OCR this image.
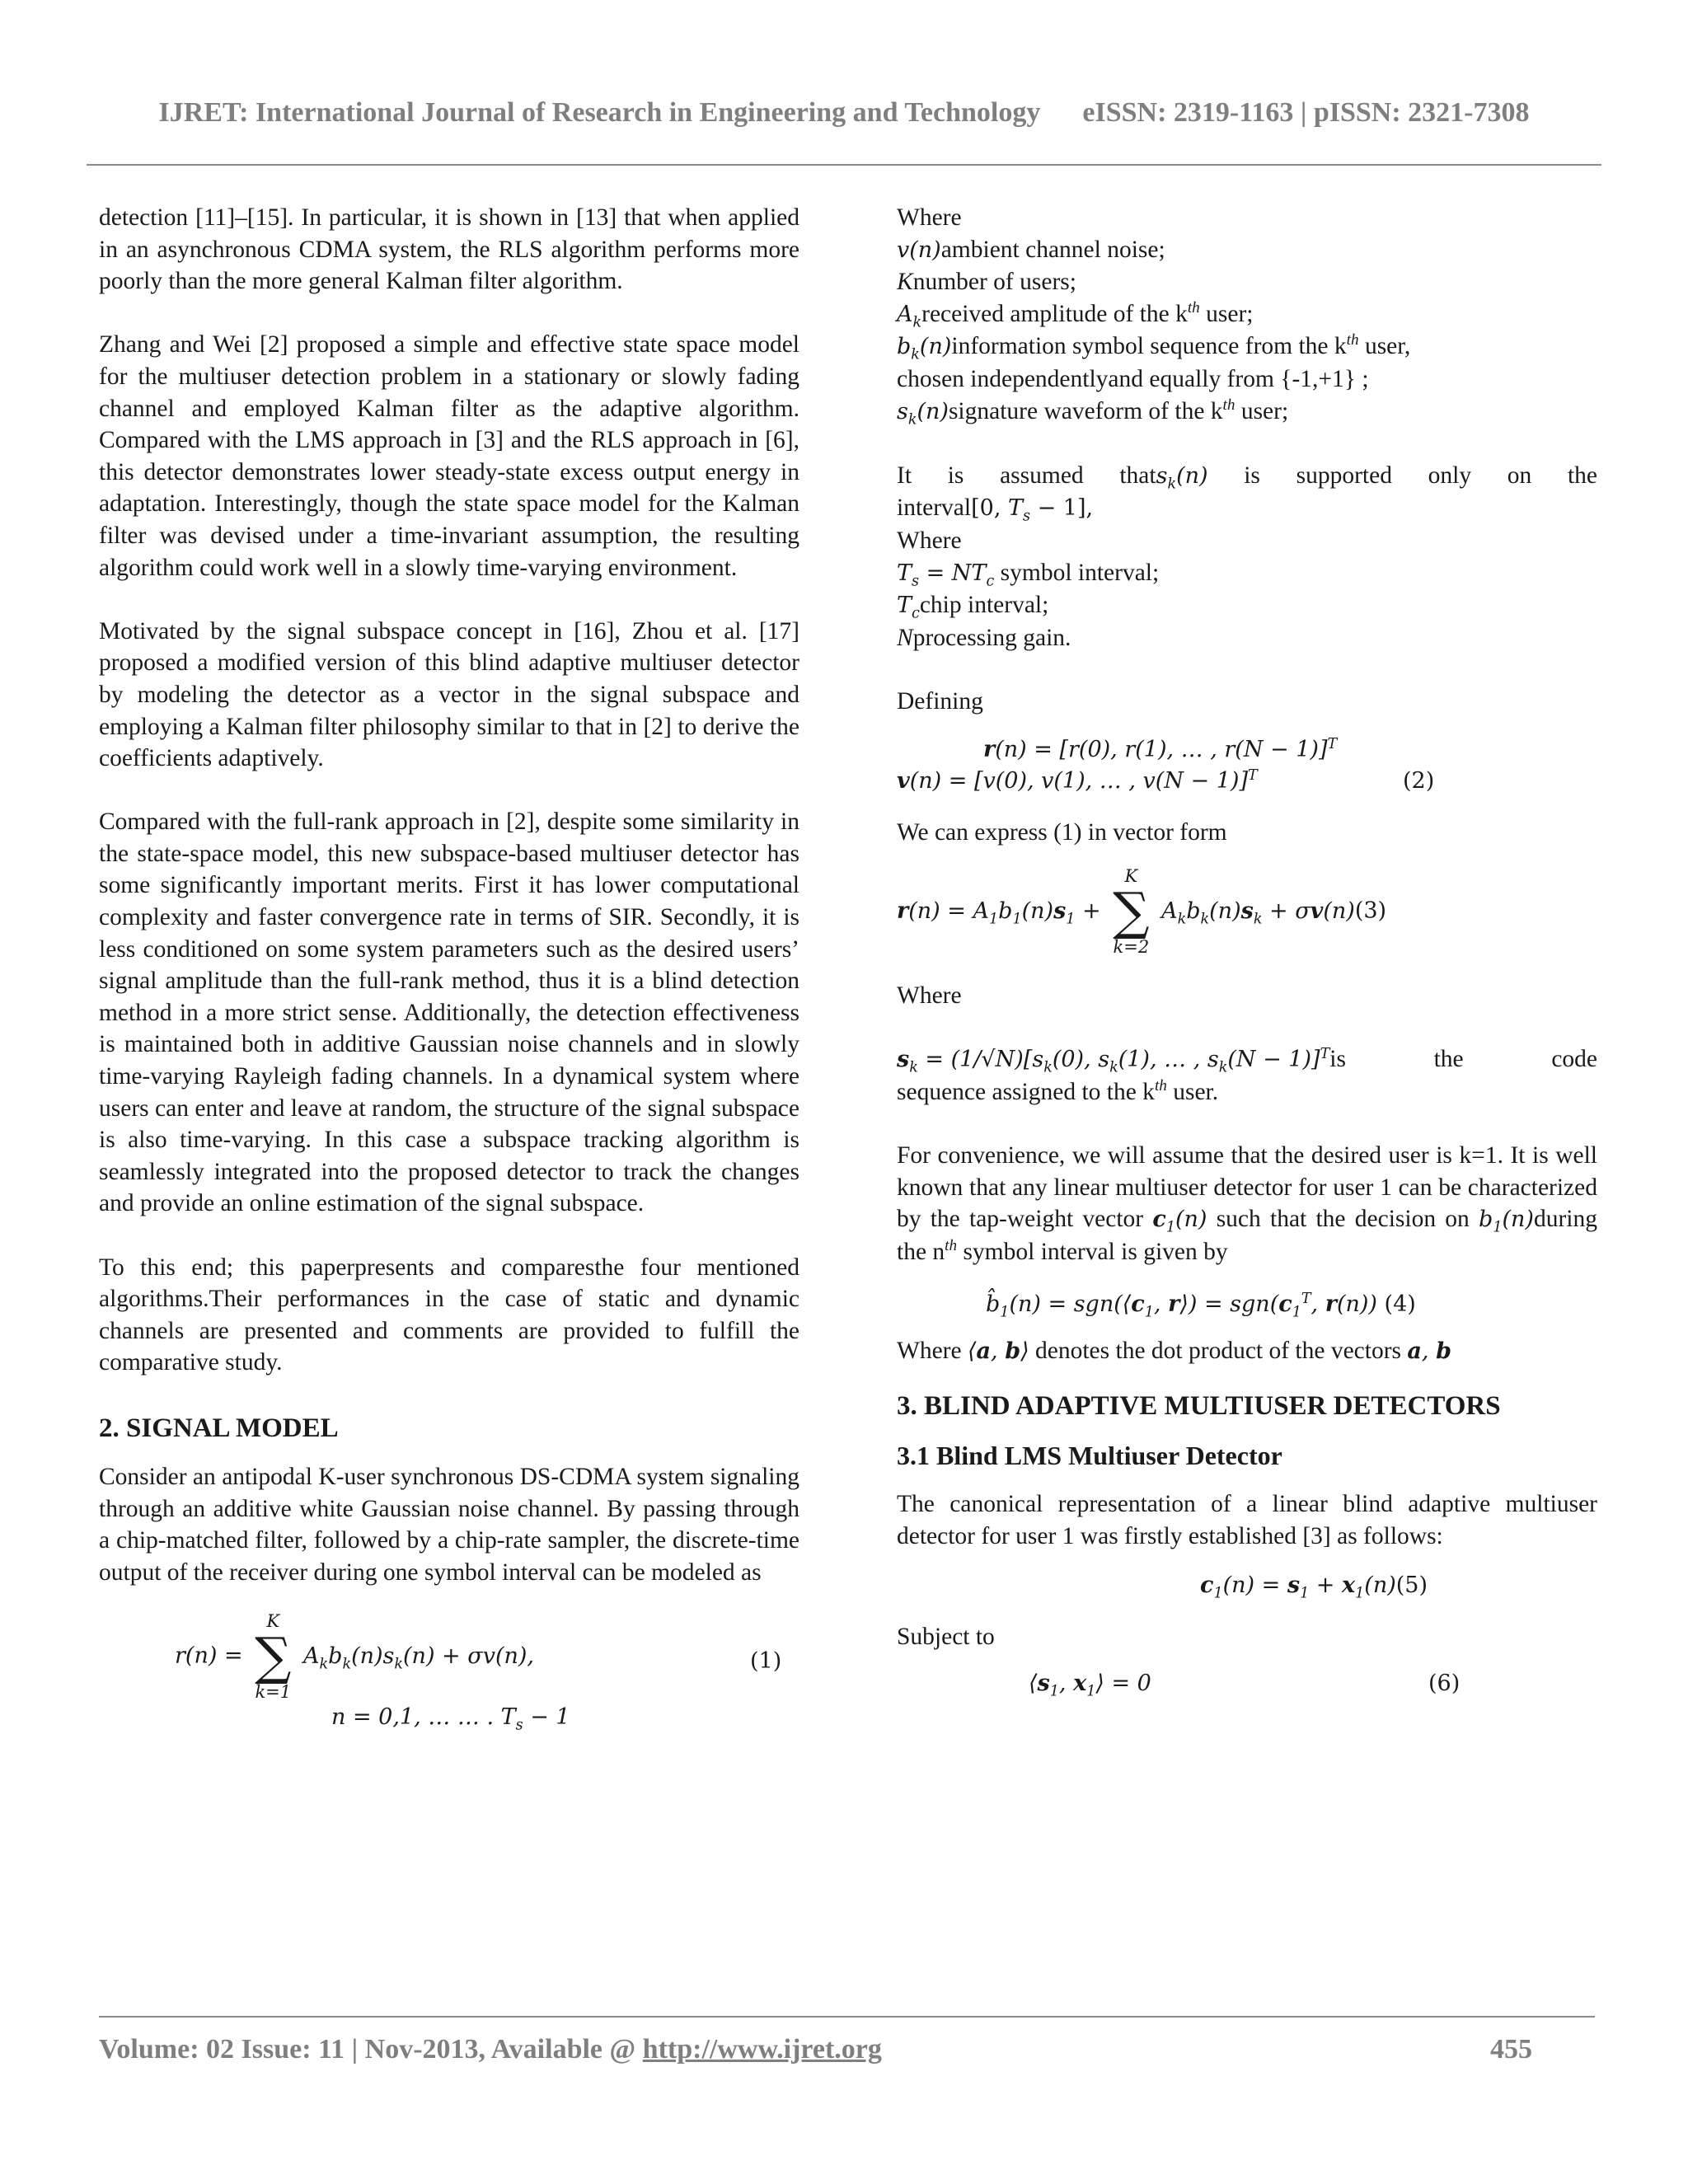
IJRET: International Journal of Research in Engineering and Technology eISSN: 2319-1163 | pISSN: 2321-7308

detection [11]–[15]. In particular, it is shown in [13] that when applied in an asynchronous CDMA system, the RLS algorithm performs more poorly than the more general Kalman filter algorithm.

Zhang and Wei [2] proposed a simple and effective state space model for the multiuser detection problem in a stationary or slowly fading channel and employed Kalman filter as the adaptive algorithm. Compared with the LMS approach in [3] and the RLS approach in [6], this detector demonstrates lower steady-state excess output energy in adaptation. Interestingly, though the state space model for the Kalman filter was devised under a time-invariant assumption, the resulting algorithm could work well in a slowly time-varying environment.

Motivated by the signal subspace concept in [16], Zhou et al. [17] proposed a modified version of this blind adaptive multiuser detector by modeling the detector as a vector in the signal subspace and employing a Kalman filter philosophy similar to that in [2] to derive the coefficients adaptively.

Compared with the full-rank approach in [2], despite some similarity in the state-space model, this new subspace-based multiuser detector has some significantly important merits. First it has lower computational complexity and faster convergence rate in terms of SIR. Secondly, it is less conditioned on some system parameters such as the desired users’ signal amplitude than the full-rank method, thus it is a blind detection method in a more strict sense. Additionally, the detection effectiveness is maintained both in additive Gaussian noise channels and in slowly time-varying Rayleigh fading channels. In a dynamical system where users can enter and leave at random, the structure of the signal subspace is also time-varying. In this case a subspace tracking algorithm is seamlessly integrated into the proposed detector to track the changes and provide an online estimation of the signal subspace.

To this end; this paperpresents and comparesthe four mentioned algorithms.Their performances in the case of static and dynamic channels are presented and comments are provided to fulfill the comparative study.

2. SIGNAL MODEL

Consider an antipodal K-user synchronous DS-CDMA system signaling through an additive white Gaussian noise channel. By passing through a chip-matched filter, followed by a chip-rate sampler, the discrete-time output of the receiver during one symbol interval can be modeled as

r(n) =
K
∑
k=1
$A_kb_k(n)s_k(n) + \sigma v(n)$,	(1)
n = 0,1, … … . $T_s - 1$
Where
v(n)ambient channel noise;
Knumber of users;
$A_kreceived$ amplitude of the $k^{th}$ user;
$b_k(n)information$ symbol sequence from the $k^{th}$ user,
chosen independentlyand equally from {-1,+1} ;
$s_k(n)signature$ waveform of the $k^{th}$ user;
It is assumed thats$_k$(n) is supported only on the
interval[0, $T_s - 1$],
Where
$T_s = NT_c$ symbol interval;
$T_cchip$ interval;
Nprocessing gain.
Defining
r(n) = [r(0), r(1), … , r(N − 1)]$^T$
v(n) = [v(0), v(1), … , v(N − 1)]$^T$	(2)
We can express (1) in vector form
$r(n) = A_1b_1(n)s_1$ +
K
∑
k=2
$A_kb_k(n)s_k + \sigma v(n)(3)$
Where
$s_k = (1/√N)[s_k(0)$, $s_k(1)$, … , $s_k(N - 1)]^Tis$	the	code
sequence assigned to the $k^{th}$ user.

For convenience, we will assume that the desired user is k=1. It is well known that any linear multiuser detector for user 1 can be characterized by the tap-weight vector $c_1(n)$ such that the decision on $b_1(n)during$ the $n^{th}$ symbol interval is given by

$b̂_1(n)$ = $sgn(⟨c_1$, r⟩) = $sgn(c_1^T$, r(n)) (4)
Where ⟨a, b⟩ denotes the dot product of the vectors a, b
3. BLIND ADAPTIVE MULTIUSER DETECTORS
3.1 Blind LMS Multiuser Detector

The canonical representation of a linear blind adaptive multiuser detector for user 1 was firstly established [3] as follows:

$c_1(n) = s_1 + x_1(n)(5)$
Subject to
$⟨s_1$, $x_1⟩ = 0$	(6)
Volume: 02 Issue: 11 | Nov-2013, Available @ http://www.ijret.org	455
